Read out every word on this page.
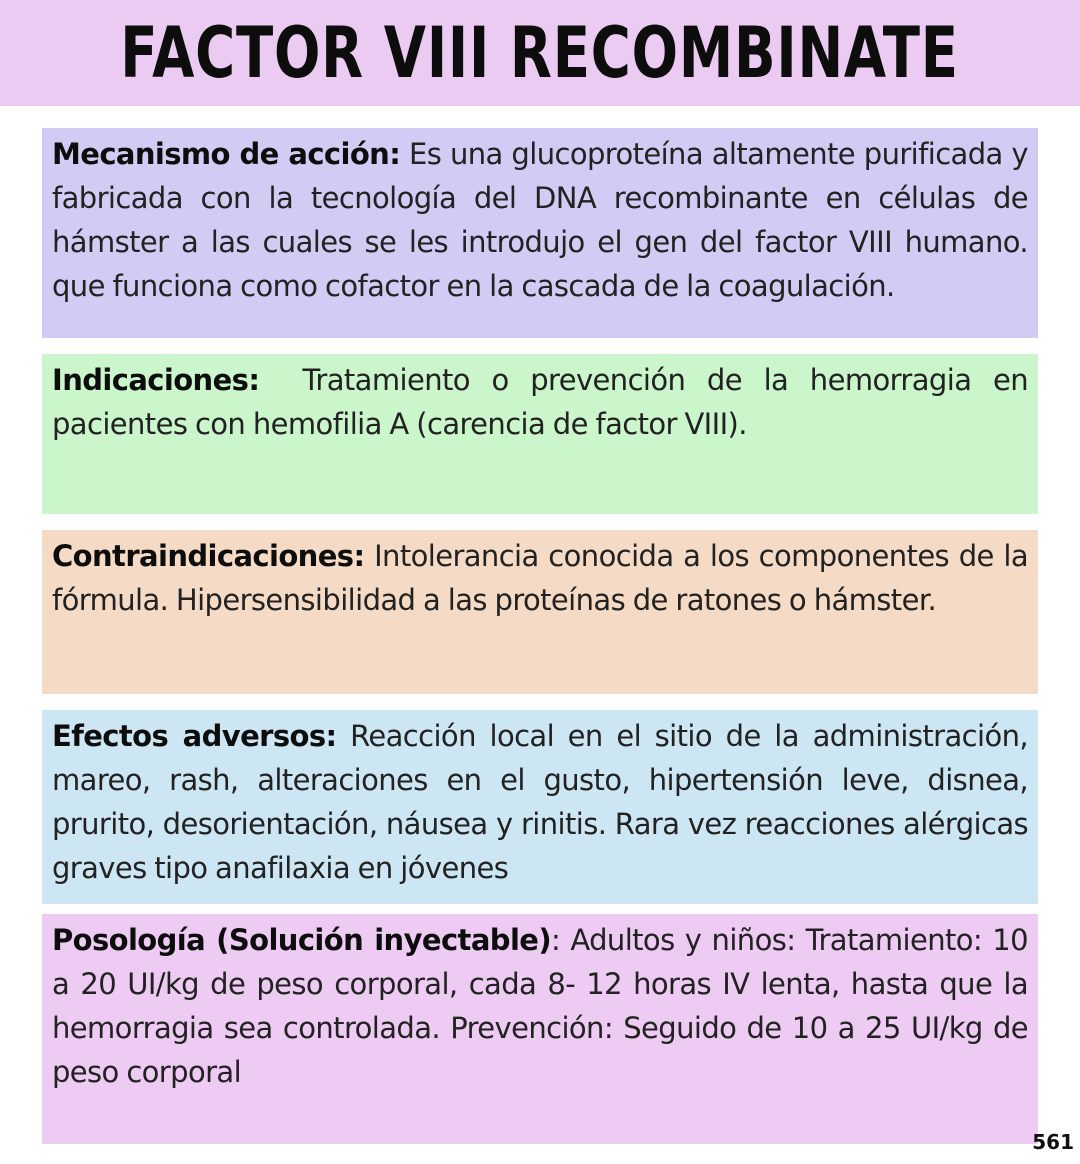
FACTOR VIII RECOMBINATE

Mecanismo de acción: Es una glucoproteína altamente purificada y fabricada con la tecnología del DNA recombinante en células de hámster a las cuales se les introdujo el gen del factor VIII humano. que funciona como cofactor en la cascada de la coagulación.

Indicaciones:  Tratamiento o prevención de la hemorragia en pacientes con hemofilia A (carencia de factor VIII).

Contraindicaciones: Intolerancia conocida a los componentes de la fórmula. Hipersensibilidad a las proteínas de ratones o hámster.

Efectos adversos: Reacción local en el sitio de la administración, mareo, rash, alteraciones en el gusto, hipertensión leve, disnea, prurito, desorientación, náusea y rinitis. Rara vez reacciones alérgicas graves tipo anafilaxia en jóvenes

Posología (Solución inyectable): Adultos y niños: Tratamiento: 10 a 20 UI/kg de peso corporal, cada 8- 12 horas IV lenta, hasta que la hemorragia sea controlada. Prevención: Seguido de 10 a 25 UI/kg de peso corporal

561
